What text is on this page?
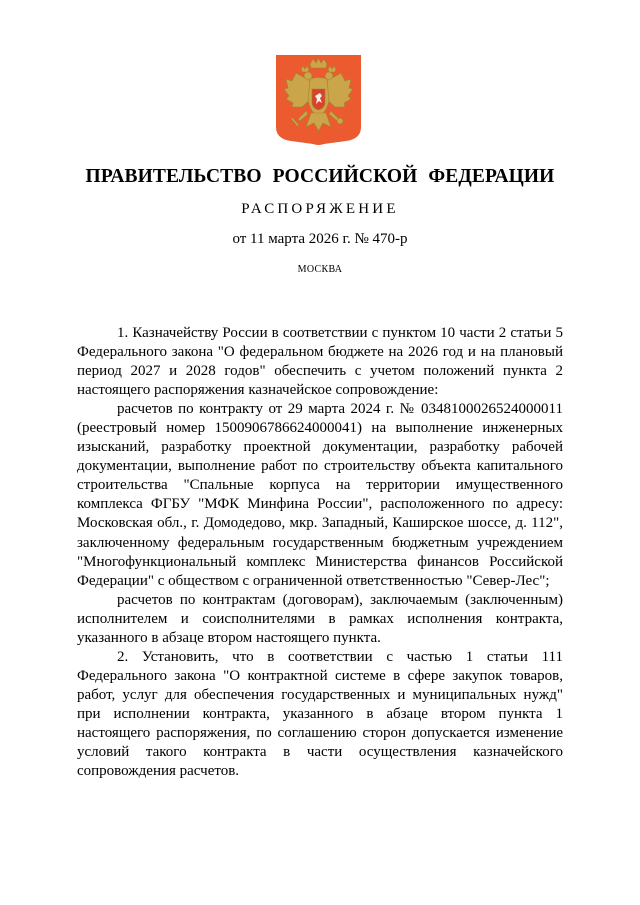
ПРАВИТЕЛЬСТВО РОССИЙСКОЙ ФЕДЕРАЦИИ
РАСПОРЯЖЕНИЕ
от 11 марта 2026 г. № 470-р
МОСКВА

1. Казначейству России в соответствии с пунктом 10 части 2 статьи 5 Федерального закона "О федеральном бюджете на 2026 год и на плановый период 2027 и 2028 годов" обеспечить с учетом положений пункта 2 настоящего распоряжения казначейское сопровождение:

расчетов по контракту от 29 марта 2024 г. № 0348100026524000011 (реестровый номер 1500906786624000041) на выполнение инженерных изысканий, разработку проектной документации, разработку рабочей документации, выполнение работ по строительству объекта капитального строительства "Спальные корпуса на территории имущественного комплекса ФГБУ "МФК Минфина России", расположенного по адресу: Московская обл., г. Домодедово, мкр. Западный, Каширское шоссе, д. 112", заключенному федеральным государственным бюджетным учреждением "Многофункциональный комплекс Министерства финансов Российской Федерации" с обществом с ограниченной ответственностью "Север-Лес";

расчетов по контрактам (договорам), заключаемым (заключенным) исполнителем и соисполнителями в рамках исполнения контракта, указанного в абзаце втором настоящего пункта.

2. Установить, что в соответствии с частью 1 статьи 111 Федерального закона "О контрактной системе в сфере закупок товаров, работ, услуг для обеспечения государственных и муниципальных нужд" при исполнении контракта, указанного в абзаце втором пункта 1 настоящего распоряжения, по соглашению сторон допускается изменение условий такого контракта в части осуществления казначейского сопровождения расчетов.
